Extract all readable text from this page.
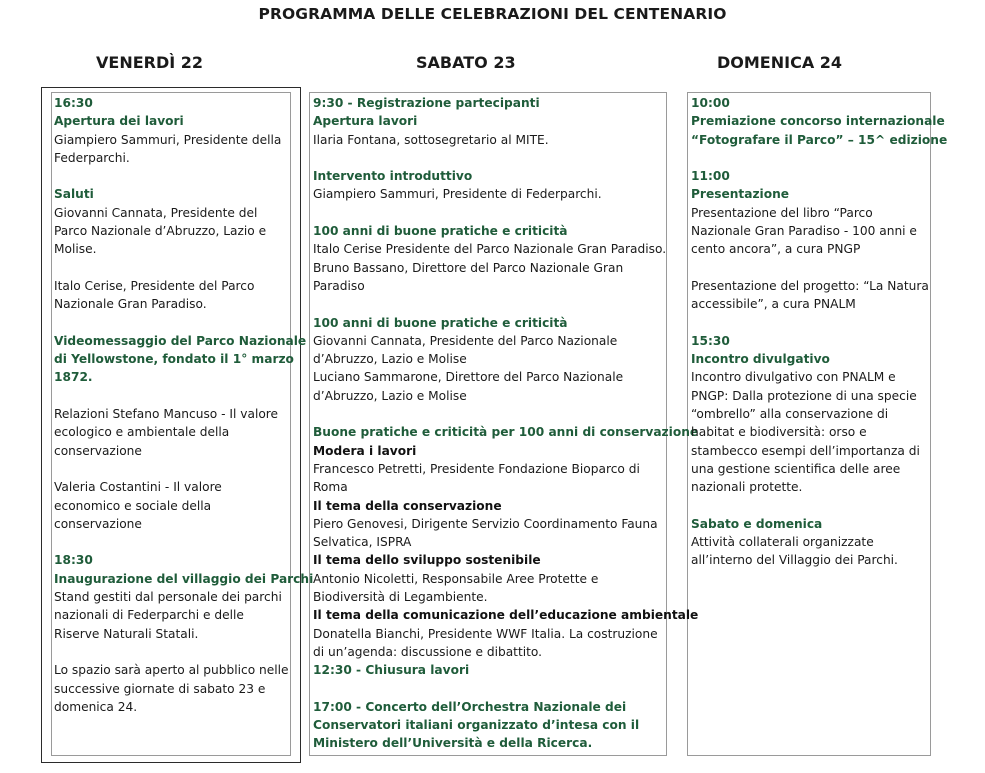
PROGRAMMA DELLE CELEBRAZIONI DEL CENTENARIO
VENERDÌ 22	SABATO 23	DOMENICA 24
16:30
Apertura dei lavori
Giampiero Sammuri, Presidente della
Federparchi.
Saluti
Giovanni Cannata, Presidente del
Parco Nazionale d’Abruzzo, Lazio e
Molise.
Italo Cerise, Presidente del Parco
Nazionale Gran Paradiso.
Videomessaggio del Parco Nazionale
di Yellowstone, fondato il 1° marzo
1872.
Relazioni Stefano Mancuso - Il valore
ecologico e ambientale della
conservazione
Valeria Costantini - Il valore
economico e sociale della
conservazione
18:30
Inaugurazione del villaggio dei Parchi
Stand gestiti dal personale dei parchi
nazionali di Federparchi e delle
Riserve Naturali Statali.
Lo spazio sarà aperto al pubblico nelle
successive giornate di sabato 23 e
domenica 24.
9:30 - Registrazione partecipanti
Apertura lavori
Ilaria Fontana, sottosegretario al MITE.
Intervento introduttivo
Giampiero Sammuri, Presidente di Federparchi.
100 anni di buone pratiche e criticità
Italo Cerise Presidente del Parco Nazionale Gran Paradiso.
Bruno Bassano, Direttore del Parco Nazionale Gran
Paradiso
100 anni di buone pratiche e criticità
Giovanni Cannata, Presidente del Parco Nazionale
d’Abruzzo, Lazio e Molise
Luciano Sammarone, Direttore del Parco Nazionale
d’Abruzzo, Lazio e Molise
Buone pratiche e criticità per 100 anni di conservazione
Modera i lavori
Francesco Petretti, Presidente Fondazione Bioparco di
Roma
Il tema della conservazione
Piero Genovesi, Dirigente Servizio Coordinamento Fauna
Selvatica, ISPRA
Il tema dello sviluppo sostenibile
Antonio Nicoletti, Responsabile Aree Protette e
Biodiversità di Legambiente.
Il tema della comunicazione dell’educazione ambientale
Donatella Bianchi, Presidente WWF Italia. La costruzione
di un’agenda: discussione e dibattito.
12:30 - Chiusura lavori
17:00 - Concerto dell’Orchestra Nazionale dei
Conservatori italiani organizzato d’intesa con il
Ministero dell’Università e della Ricerca.
10:00
Premiazione concorso internazionale
“Fotografare il Parco” – 15^ edizione
11:00
Presentazione
Presentazione del libro “Parco
Nazionale Gran Paradiso - 100 anni e
cento ancora”, a cura PNGP
Presentazione del progetto: “La Natura
accessibile”, a cura PNALM
15:30
Incontro divulgativo
Incontro divulgativo con PNALM e
PNGP: Dalla protezione di una specie
“ombrello” alla conservazione di
habitat e biodiversità: orso e
stambecco esempi dell’importanza di
una gestione scientifica delle aree
nazionali protette.
Sabato e domenica
Attività collaterali organizzate
all’interno del Villaggio dei Parchi.
